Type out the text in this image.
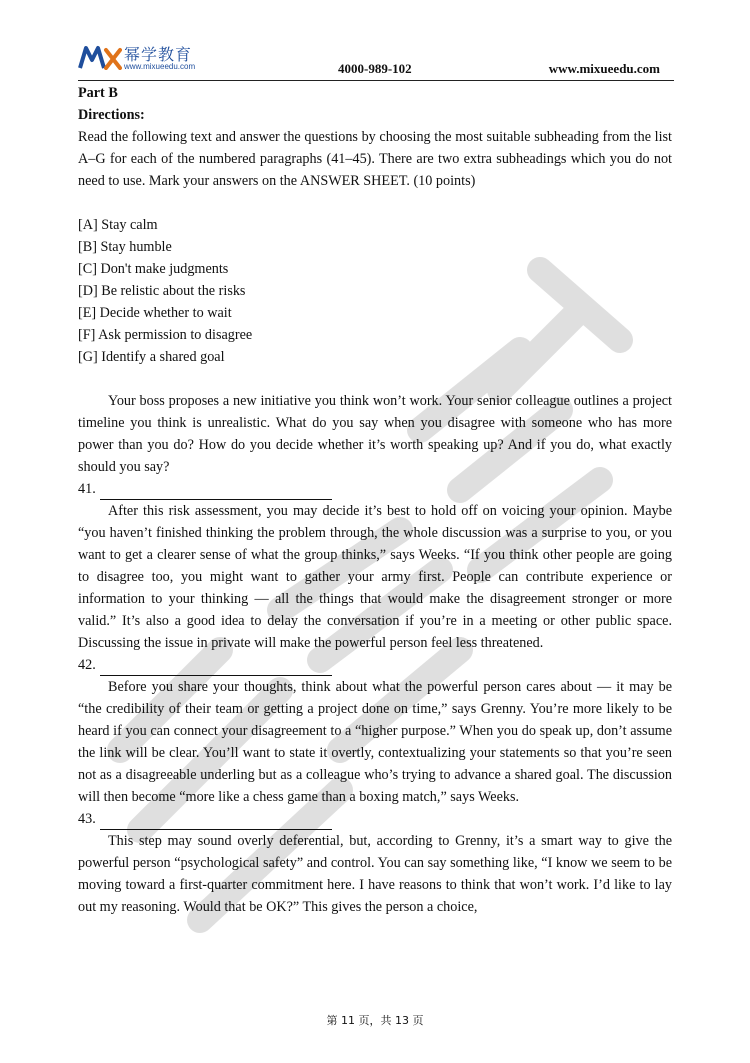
幂学教育
www.mixueedu.com	4000-989-102	www.mixueedu.com

Part B

Directions:

Read the following text and answer the questions by choosing the most suitable subheading from the list A–G for each of the numbered paragraphs (41–45). There are two extra subheadings which you do not need to use. Mark your answers on the ANSWER SHEET. (10 points)

[A] Stay calm

[B] Stay humble

[C] Don't make judgments

[D] Be relistic about the risks

[E] Decide whether to wait

[F] Ask permission to disagree

[G] Identify a shared goal

Your boss proposes a new initiative you think won’t work. Your senior colleague outlines a project timeline you think is unrealistic. What do you say when you disagree with someone who has more power than you do? How do you decide whether it’s worth speaking up? And if you do, what exactly should you say?

41.

After this risk assessment, you may decide it’s best to hold off on voicing your opinion. Maybe “you haven’t finished thinking the problem through, the whole discussion was a surprise to you, or you want to get a clearer sense of what the group thinks,” says Weeks. “If you think other people are going to disagree too, you might want to gather your army first. People can contribute experience or information to your thinking — all the things that would make the disagreement stronger or more valid.” It’s also a good idea to delay the conversation if you’re in a meeting or other public space. Discussing the issue in private will make the powerful person feel less threatened.

42.

Before you share your thoughts, think about what the powerful person cares about — it may be “the credibility of their team or getting a project done on time,” says Grenny. You’re more likely to be heard if you can connect your disagreement to a “higher purpose.” When you do speak up, don’t assume the link will be clear. You’ll want to state it overtly, contextualizing your statements so that you’re seen not as a disagreeable underling but as a colleague who’s trying to advance a shared goal. The discussion will then become “more like a chess game than a boxing match,” says Weeks.

43.

This step may sound overly deferential, but, according to Grenny, it’s a smart way to give the powerful person “psychological safety” and control. You can say something like, “I know we seem to be moving toward a first-quarter commitment here. I have reasons to think that won’t work. I’d like to lay out my reasoning. Would that be OK?” This gives the person a choice,

第 11 页，共 13 页
